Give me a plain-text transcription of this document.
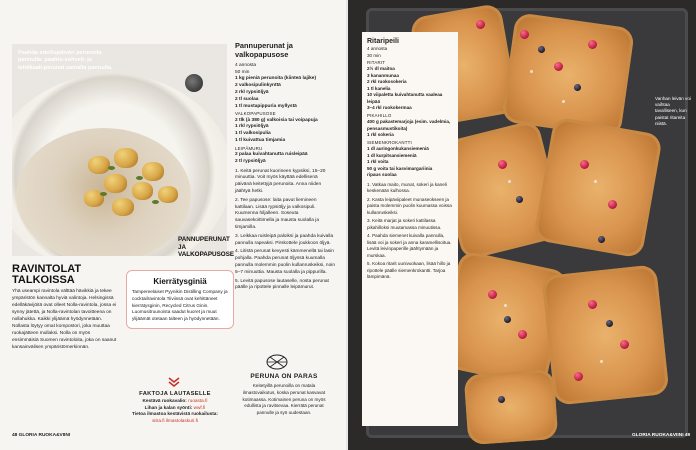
Paahda edellispäivän perunoita pannulla: paahto-vohveli- ja lehtikaali-perunat samalla pannulla.
PANNUPERUNAT JA VALKOPAPUSOSE
Pannuperunat ja valkopapusose
4 annosta
50 min
1 kg pieniä perunoita (kiinteä lajike)
2 valkosipulinkynttä
2 rkl rypsiöljyä
2 tl suolaa
1 tl mustapippuria myllystä
VALKOPAPUSOSE
2 tlk (à 380 g) valkoisia tai voipapuja
1 rkl rypsiöljyä
1 tl valkosipulia
1 tl kuivattua timjamia
LEIPÄMURU
2 palaa kuivahtanutta ruisleipää
2 tl rypsiöljyä

1. Keitä perunat kuorineen kypsiksi, 15–20 minuuttia. Voit myös käyttää edellisenä päivänä keitettyjä perunoita. Anna niiden jäähtyä hetki.

2. Tee papusose: laita pavut liemineen kattilaan. Lisää rypsiöljy ja valkosipuli. Kuumenna hiljalleen. Soseuta sauvasekoittimella ja mausta suolalla ja timjamilla.

3. Leikkaa ruisleipä paloiksi ja paahda kuivalla pannulla rapeaksi. Pirskottele joukkoon öljyä.

4. Litistä perunat kevyesti kämmenellä tai lasin pohjalla. Paahda perunat öljyssä kuumalla pannulla molemmin puolin kullanruskeiksi, noin 5–7 minuuttia. Mausta suolalla ja pippurilla.

5. Levitä papusose lautaselle, nosta perunat päälle ja ripottele pinnalle leipämurut.

RAVINTOLAT TALKOISSA
Yhä useampi ravintola välttää hävikkiä ja tekee ympäristön kannalta hyviä valintoja. Helsingissä edelläkävijöitä ovat olleet Nolla-ravintola, jossa ei synny jätettä, ja Nolla-ravintolan tavoitteena on nollahukka. Kaikki ylijäämä hyödynnetään. Nollasta löytyy omat kompostori, joka muuttaa ruokajätteen mullaksi. Nolla on myös ensimmäisiä Suomen ravintoloita, joka on saanut kansainvälisen ympäristömerkinnän.
Kierrätysginiä
Tampereelaiset Pyynikin Distilling Company ja cocktailravintola Tiiviissä ovat kehittäneet kierrätysginin, Recycled Citrus Ginin. Luomusitruunoista saadut kuoret ja muut ylijäämät otetaan talteen ja hyödynnetään.
FAKTOJA LAUTASELLE
Kestävä ruokavalio: ruoasta.fi
Lihan ja kalan syönti: wwf.fi
Tietoa ilmastoa kestävistä ruokailusta: sitra.fi ilmastolaskuri.fi
PERUNA ON PARAS
Keitetyillä perunoilla on matala ilmastovaikutus, koska perunat kasvavat kotimaassa. Kotimainen peruna on myös edullista ja ravitsevaa. Kierrätä perunat pannulle ja syö uudestaan.
48 GLORIA RUOKA&VIINI
Vanhan leivän voi vaihtaa tavalliseen, kun paistat ritareita niistä.
Ritaripeili
4 annosta
30 min
RITARIT
2½ dl maitoa
3 kananmunaa
2 rkl ruokosokeria
1 tl kanelia
10 viipaletta kuivahtanutta vaaleaa leipää
3–4 rkl ruokokermaa
PIKAHILLO
400 g pakastemarjoja (esim. vadelmia, pensasmustikoita)
1 rkl sokeria
SIEMENKROKANTTI
1 dl auringonkukansiemeniä
1 dl kurpitsansiemeniä
1 rkl voita
50 g voita tai kasvimargariinia
ripaus suolaa

1. Vatkaa maito, munat, sokeri ja kaneli keskenään kulhossa.

2. Kasta leipäviipaleet munaseokseen ja paista molemmin puolin kuumassa voissa kullanruskeiksi.

3. Keitä marjat ja sokeri kattilassa pikahilloksi muutamassa minuutissa.

4. Paahda siemenet kuivalla pannulla, lisää voi ja sokeri ja anna karamellisoitua. Levitä leivinpaperille jäähtymään ja murskaa.

5. Kokoa ritarit uunivuokaan, lisää hillo ja ripottele päälle siemenkrokantti. Tarjoa lämpimänä.

GLORIA RUOKA&VIINI 49
